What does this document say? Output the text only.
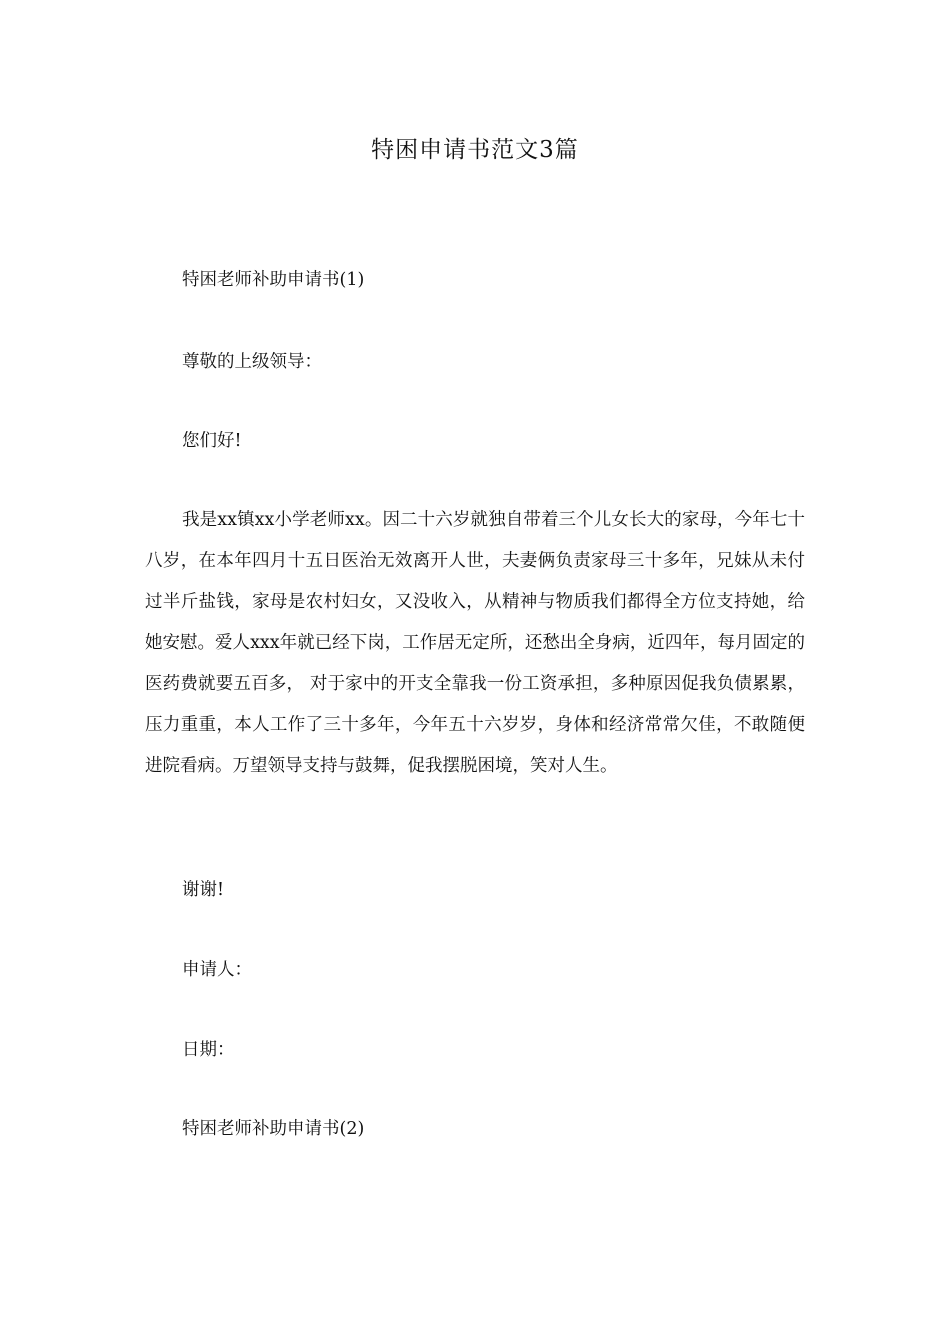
特困申请书范文3篇
特困老师补助申请书(1)
尊敬的上级领导：
您们好!
我是xx镇xx小学老师xx。因二十六岁就独自带着三个儿女长大的家母，今年七十八岁，在本年四月十五日医治无效离开人世，夫妻俩负责家母三十多年，兄妹从未付过半斤盐钱，家母是农村妇女，又没收入，从精神与物质我们都得全方位支持她，给她安慰。爱人xxx年就已经下岗，工作居无定所，还愁出全身病，近四年，每月固定的医药费就要五百多， 对于家中的开支全靠我一份工资承担，多种原因促我负债累累，压力重重，本人工作了三十多年，今年五十六岁岁，身体和经济常常欠佳，不敢随便进院看病。万望领导支持与鼓舞，促我摆脱困境，笑对人生。
谢谢!
申请人：
日期：
特困老师补助申请书(2)
